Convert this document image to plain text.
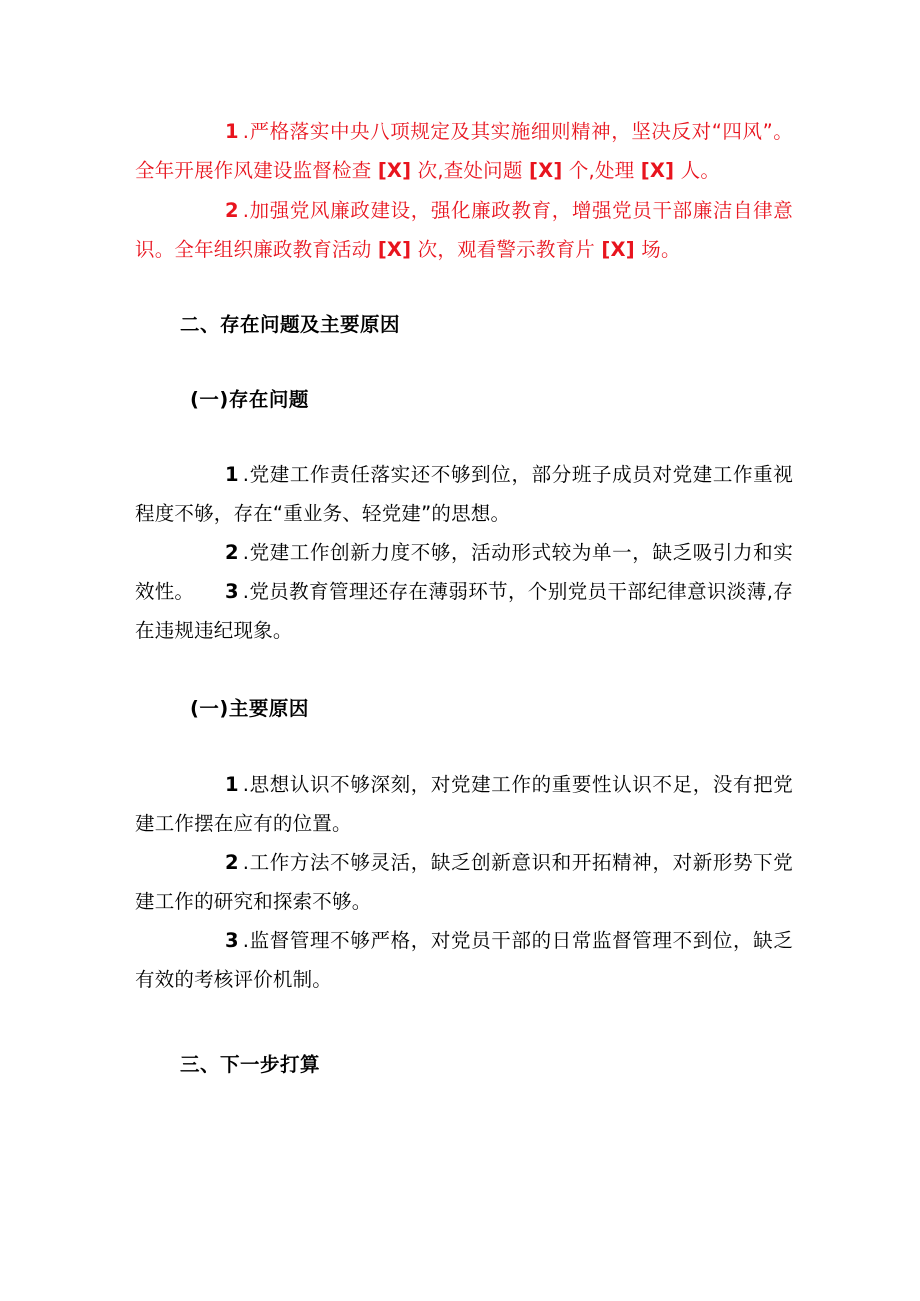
1 .严格落实中央八项规定及其实施细则精神，坚决反对“四风”。全年开展作风建设监督检查 [X] 次,查处问题 [X] 个,处理 [X] 人。

2 .加强党风廉政建设，强化廉政教育，增强党员干部廉洁自律意识。全年组织廉政教育活动 [X] 次，观看警示教育片 [X] 场。

二、存在问题及主要原因
(一)存在问题

1 .党建工作责任落实还不够到位，部分班子成员对党建工作重视程度不够，存在“重业务、轻党建”的思想。

2 .党建工作创新力度不够，活动形式较为单一，缺乏吸引力和实效性。	3 .党员教育管理还存在薄弱环节，个别党员干部纪律意识淡薄,存在违规违纪现象。

(一)主要原因

1 .思想认识不够深刻，对党建工作的重要性认识不足，没有把党建工作摆在应有的位置。

2 .工作方法不够灵活，缺乏创新意识和开拓精神，对新形势下党建工作的研究和探索不够。

3 .监督管理不够严格，对党员干部的日常监督管理不到位，缺乏有效的考核评价机制。

三、下一步打算
